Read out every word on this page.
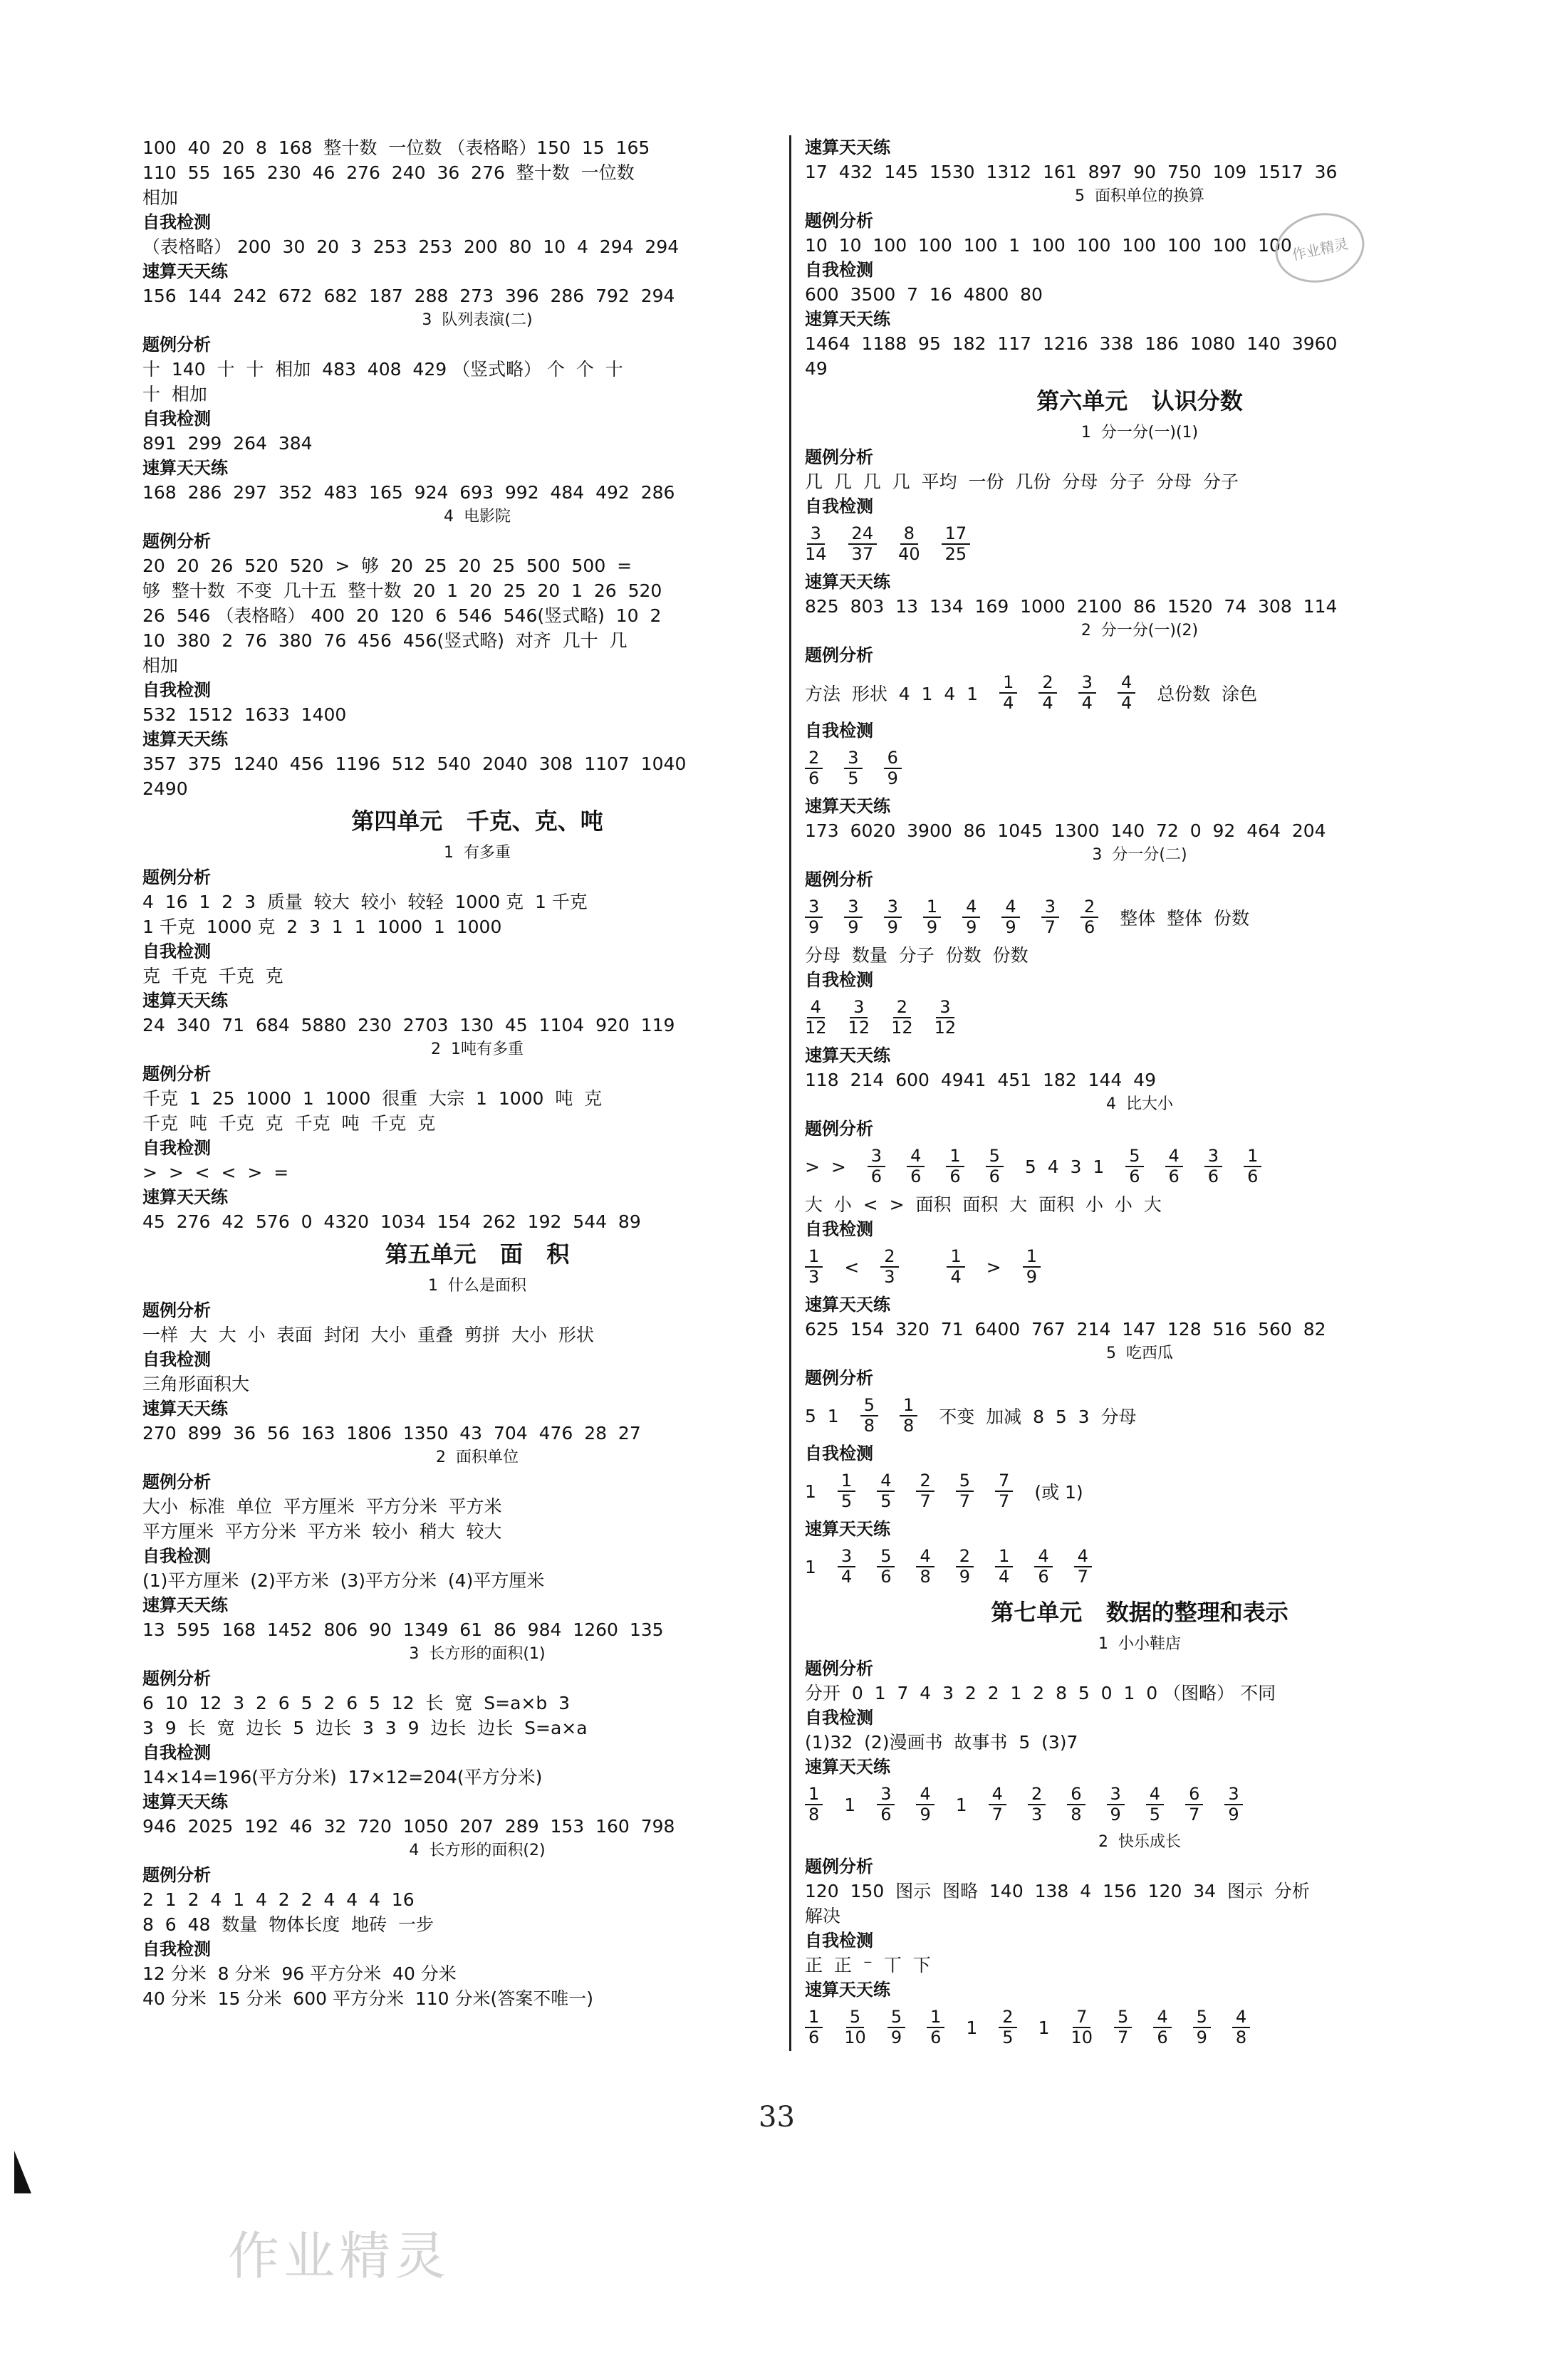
100  40  20  8  168  整十数  一位数 （表格略）150  15  165
110  55  165  230  46  276  240  36  276  整十数  一位数
相加
自我检测
（表格略） 200  30  20  3  253  253  200  80  10  4  294  294
速算天天练
156  144  242  672  682  187  288  273  396  286  792  294
3  队列表演(二)
题例分析
十  140  十  十  相加  483  408  429 （竖式略） 个  个  十
十  相加
自我检测
891  299  264  384
速算天天练
168  286  297  352  483  165  924  693  992  484  492  286
4  电影院
题例分析
20  20  26  520  520  >  够  20  25  20  25  500  500  =
够  整十数  不变  几十五  整十数  20  1  20  25  20  1  26  520
26  546 （表格略） 400  20  120  6  546  546(竖式略)  10  2
10  380  2  76  380  76  456  456(竖式略)  对齐  几十  几
相加
自我检测
532  1512  1633  1400
速算天天练
357  375  1240  456  1196  512  540  2040  308  1107  1040
2490
第四单元   千克、克、吨
1  有多重
题例分析
4  16  1  2  3  质量  较大  较小  较轻  1000 克  1 千克
1 千克  1000 克  2  3  1  1  1000  1  1000
自我检测
克  千克  千克  克
速算天天练
24  340  71  684  5880  230  2703  130  45  1104  920  119
2  1吨有多重
题例分析
千克  1  25  1000  1  1000  很重  大宗  1  1000  吨  克
千克  吨  千克  克  千克  吨  千克  克
自我检测
>  >  <  <  >  =
速算天天练
45  276  42  576  0  4320  1034  154  262  192  544  89
第五单元   面   积
1  什么是面积
题例分析
一样  大  大  小  表面  封闭  大小  重叠  剪拼  大小  形状
自我检测
三角形面积大
速算天天练
270  899  36  56  163  1806  1350  43  704  476  28  27
2  面积单位
题例分析
大小  标准  单位  平方厘米  平方分米  平方米
平方厘米  平方分米  平方米  较小  稍大  较大
自我检测
(1)平方厘米  (2)平方米  (3)平方分米  (4)平方厘米
速算天天练
13  595  168  1452  806  90  1349  61  86  984  1260  135
3  长方形的面积(1)
题例分析
6  10  12  3  2  6  5  2  6  5  12  长  宽  S=a×b  3
3  9  长  宽  边长  5  边长  3  3  9  边长  边长  S=a×a
自我检测
14×14=196(平方分米)  17×12=204(平方分米)
速算天天练
946  2025  192  46  32  720  1050  207  289  153  160  798
4  长方形的面积(2)
题例分析
2  1  2  4  1  4  2  2  4  4  4  16
8  6  48  数量  物体长度  地砖  一步
自我检测
12 分米  8 分米  96 平方分米  40 分米
40 分米  15 分米  600 平方分米  110 分米(答案不唯一)
速算天天练
17  432  145  1530  1312  161  897  90  750  109  1517  36
5  面积单位的换算
题例分析
10  10  100  100  100  1  100  100  100  100  100  100
自我检测
600  3500  7  16  4800  80
速算天天练
1464  1188  95  182  117  1216  338  186  1080  140  3960
49
第六单元   认识分数
1  分一分(一)(1)
题例分析
几  几  几  几  平均  一份  几份  分母  分子  分母  分子
自我检测
$\frac{3}{14} \frac{24}{37} \frac{8}{40} \frac{17}{25}$
速算天天练
825  803  13  134  169  1000  2100  86  1520  74  308  114
2  分一分(一)(2)
题例分析
方法  形状  4  1  4  $1 \frac{1}{4} \frac{2}{4} \frac{3}{4} \frac{4}{4}$ 总份数  涂色
自我检测
$\frac{2}{6} \frac{3}{5} \frac{6}{9}$
速算天天练
173  6020  3900  86  1045  1300  140  72  0  92  464  204
3  分一分(二)
题例分析
$\frac{3}{9} \frac{3}{9} \frac{3}{9} \frac{1}{9} \frac{4}{9} \frac{4}{9} \frac{3}{7} \frac{2}{6}$ 整体  整体  份数
分母  数量  分子  份数  份数
自我检测
$\frac{4}{12} \frac{3}{12} \frac{2}{12} \frac{3}{12}$
速算天天练
118  214  600  4941  451  182  144  49
4  比大小
题例分析
>  > $\frac{3}{6} \frac{4}{6} \frac{1}{6} \frac{5}{6} 5$  4  3  $1 \frac{5}{6} \frac{4}{6} \frac{3}{6} \frac{1}{6}$
大  小  <  >  面积  面积  大  面积  小  小  大
自我检测
$\frac{1}{3} < \frac{2}{3}$
	$\frac{1}{4} > \frac{1}{9}$
速算天天练
625  154  320  71  6400  767  214  147  128  516  560  82
5  吃西瓜
题例分析
5  $1 \frac{5}{8} \frac{1}{8}$ 不变  加减  8  5  3  分母
自我检测
$1 \frac{1}{5} \frac{4}{5} \frac{2}{7} \frac{5}{7} \frac{7}{7}$ (或 1)
速算天天练
$1 \frac{3}{4} \frac{5}{6} \frac{4}{8} \frac{2}{9} \frac{1}{4} \frac{4}{6} \frac{4}{7}$
第七单元   数据的整理和表示
1  小小鞋店
题例分析
分开  0  1  7  4  3  2  2  1  2  8  5  0  1  0 （图略） 不同
自我检测
(1)32  (2)漫画书  故事书  5  (3)7
速算天天练
$\frac{1}{8} 1 \frac{3}{6} \frac{4}{9} 1 \frac{4}{7} \frac{2}{3} \frac{6}{8} \frac{3}{9} \frac{4}{5} \frac{6}{7} \frac{3}{9}$
2  快乐成长
题例分析
120  150  图示  图略  140  138  4  156  120  34  图示  分析
解决
自我检测
正  正  ⁻  丅  下
速算天天练
$\frac{1}{6} \frac{5}{10} \frac{5}{9} \frac{1}{6} 1 \frac{2}{5} 1 \frac{7}{10} \frac{5}{7} \frac{4}{6} \frac{5}{9} \frac{4}{8}$
33
作业精灵
作业精灵
